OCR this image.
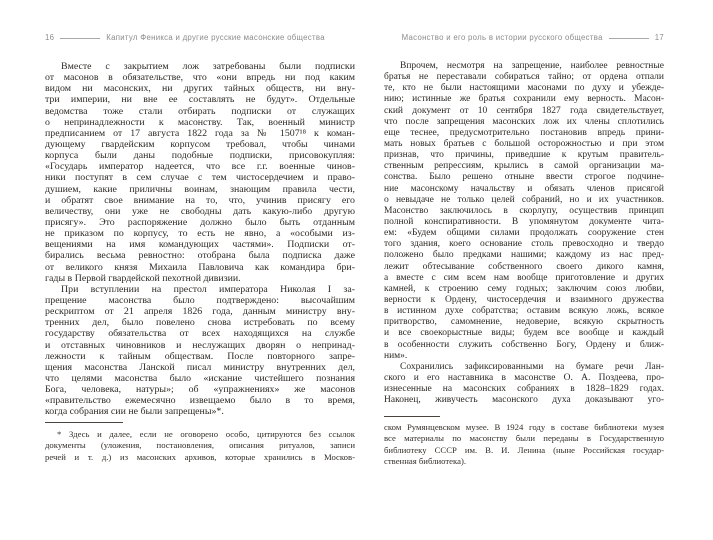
16	Капитул Феникса и другие русские масонские общества
Вместе с закрытием лож затребованы были подписки
от масонов в обязательстве, что «они впредь ни под каким
видом ни масонских, ни других тайных обществ, ни вну-
три империи, ни вне ее составлять не будут». Отдельные
ведомства тоже стали отбирать подписки от служащих
о непринадлежности к масонству. Так, военный министр
предписанием от 17 августа 1822 года за № 1507¹⁸ к коман-
дующему гвардейским корпусом требовал, чтобы чинами
корпуса были даны подобные подписки, присовокупляя:
«Государь император надеется, что все г.г. военные чинов-
ники поступят в сем случае с тем чистосердечием и право-
душием, какие приличны воинам, знающим правила чести,
и обратят свое внимание на то, что, учинив присягу его
величеству, они уже не свободны дать какую-либо другую
присягу». Это распоряжение должно было быть отданным
не приказом по корпусу, то есть не явно, а «особыми из-
вещениями на имя командующих частями». Подписки от-
бирались весьма ревностно: отобрана была подписка даже
от великого князя Михаила Павловича как командира бри-
гады в Первой гвардейской пехотной дивизии.
При вступлении на престол императора Николая I за-
прещение масонства было подтверждено: высочайшим
рескриптом от 21 апреля 1826 года, данным министру вну-
тренних дел, было повелено снова истребовать по всему
государству обязательства от всех находящихся на службе
и отставных чиновников и неслужащих дворян о непринад-
лежности к тайным обществам. После повторного запре-
щения масонства Ланской писал министру внутренних дел,
что целями масонства было «искание чистейшего познания
Бога, человека, натуры»; об «упражнениях» же масонов
«правительство ежемесячно извещаемо было в то время,
когда собрания сии не были запрещены»*.
* Здесь и далее, если не оговорено особо, цитируются без ссылок
документы (уложения, постановления, описания ритуалов, записи
речей и т. д.) из масонских архивов, которые хранились в Москов-
Масонство и его роль в истории русского общества	17
Впрочем, несмотря на запрещение, наиболее ревностные
братья не переставали собираться тайно; от ордена отпали
те, кто не были настоящими масонами по духу и убежде-
нию; истинные же братья сохранили ему верность. Масон-
ский документ от 10 сентября 1827 года свидетельствует,
что после запрещения масонских лож их члены сплотились
еще теснее, предусмотрительно постановив впредь прини-
мать новых братьев с большой осторожностью и при этом
признав, что причины, приведшие к крутым правитель-
ственным репрессиям, крылись в самой организации ма-
сонства. Было решено отныне ввести строгое подчине-
ние масонскому начальству и обязать членов присягой
о невыдаче не только целей собраний, но и их участников.
Масонство заключилось в скорлупу, осуществив принцип
полной конспиративности. В упомянутом документе чита-
ем: «Будем общими силами продолжать сооружение стен
того здания, коего основание столь превосходно и твердо
положено было предками нашими; каждому из нас пред-
лежит обтесывание собственного своего дикого камня,
а вместе с сим всем нам вообще приготовление и других
камней, к строению сему годных; заключим союз любви,
верности к Ордену, чистосердечия и взаимного дружества
в истинном духе собратства; оставим всякую ложь, всякое
притворство, самомнение, недоверие, всякую скрытность
и все своекорыстные виды; будем все вообще и каждый
в особенности служить собственно Богу, Ордену и ближ-
ним».
Сохранились зафиксированными на бумаге речи Лан-
ского и его наставника в масонстве О. А. Поздеева, про-
изнесенные на масонских собраниях в 1828–1829 годах.
Наконец, живучесть масонского духа доказывают уго-
ском Румянцевском музее. В 1924 году в составе библиотеки музея
все материалы по масонству были переданы в Государственную
библиотеку СССР им. В. И. Ленина (ныне Российская государ-
ственная библиотека).
